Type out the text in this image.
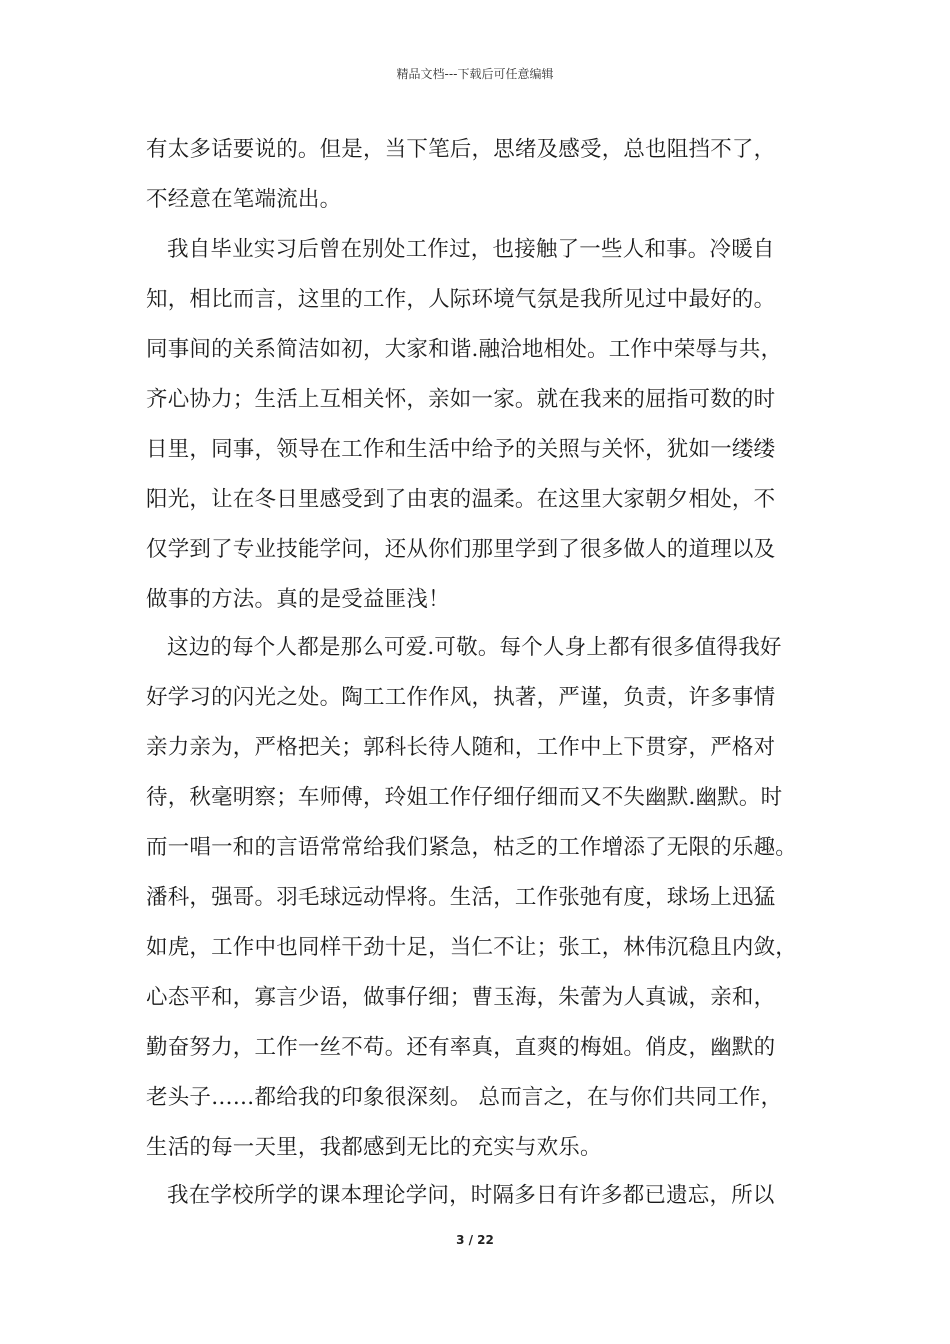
精品文档---下载后可任意编辑
有太多话要说的。但是，当下笔后，思绪及感受，总也阻挡不了，
不经意在笔端流出。
我自毕业实习后曾在别处工作过，也接触了一些人和事。冷暖自
知，相比而言，这里的工作，人际环境气氛是我所见过中最好的。
同事间的关系简洁如初，大家和谐.融洽地相处。工作中荣辱与共，
齐心协力；生活上互相关怀，亲如一家。就在我来的屈指可数的时
日里，同事，领导在工作和生活中给予的关照与关怀，犹如一缕缕
阳光，让在冬日里感受到了由衷的温柔。在这里大家朝夕相处，不
仅学到了专业技能学问，还从你们那里学到了很多做人的道理以及
做事的方法。真的是受益匪浅！
这边的每个人都是那么可爱.可敬。每个人身上都有很多值得我好
好学习的闪光之处。陶工工作作风，执著，严谨，负责，许多事情
亲力亲为，严格把关；郭科长待人随和，工作中上下贯穿，严格对
待，秋毫明察；车师傅，玲姐工作仔细仔细而又不失幽默.幽默。时
而一唱一和的言语常常给我们紧急，枯乏的工作增添了无限的乐趣。
潘科，强哥。羽毛球远动悍将。生活，工作张弛有度，球场上迅猛
如虎，工作中也同样干劲十足，当仁不让；张工，林伟沉稳且内敛，
心态平和，寡言少语，做事仔细；曹玉海，朱蕾为人真诚，亲和，
勤奋努力，工作一丝不苟。还有率真，直爽的梅姐。俏皮，幽默的
老头子……都给我的印象很深刻。 总而言之，在与你们共同工作，
生活的每一天里，我都感到无比的充实与欢乐。
我在学校所学的课本理论学问，时隔多日有许多都已遗忘，所以
3 / 22
